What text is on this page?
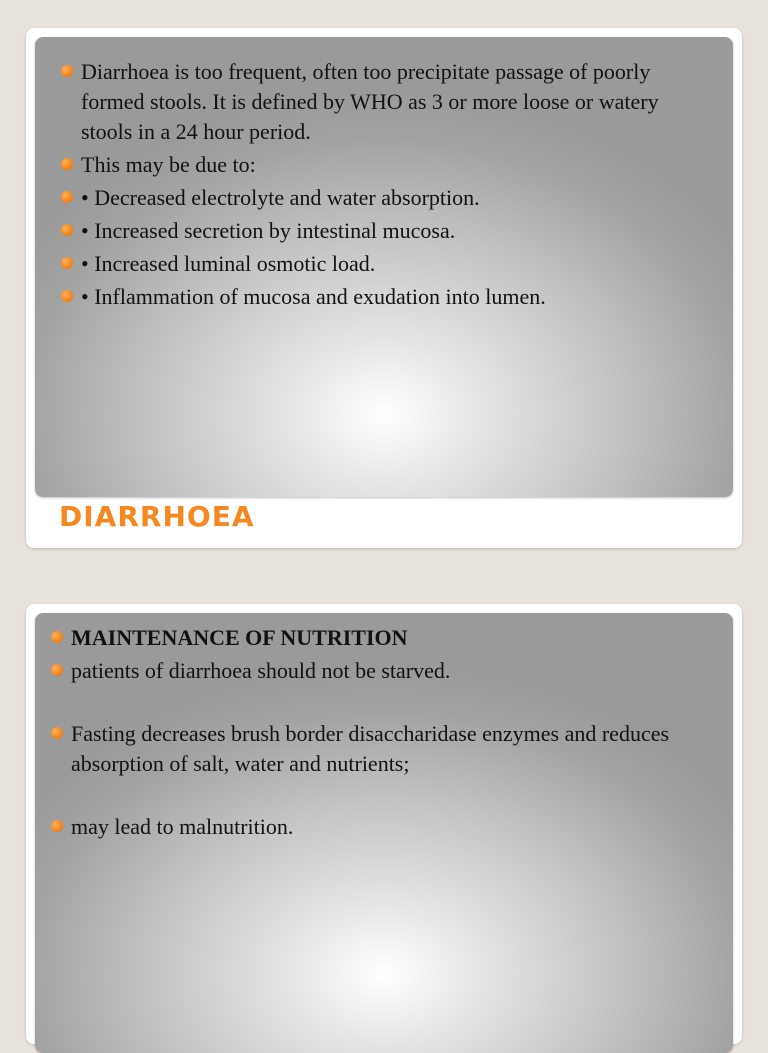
Diarrhoea is too frequent, often too precipitate passage of poorly formed stools. It is defined by WHO as 3 or more loose or watery stools in a 24 hour period.
This may be due to:
• Decreased electrolyte and water absorption.
• Increased secretion by intestinal mucosa.
• Increased luminal osmotic load.
• Inflammation of mucosa and exudation into lumen.
DIARRHOEA
MAINTENANCE OF NUTRITION
patients of diarrhoea should not be starved.
Fasting decreases brush border disaccharidase enzymes and reduces absorption of salt, water and nutrients;
may lead to malnutrition.
